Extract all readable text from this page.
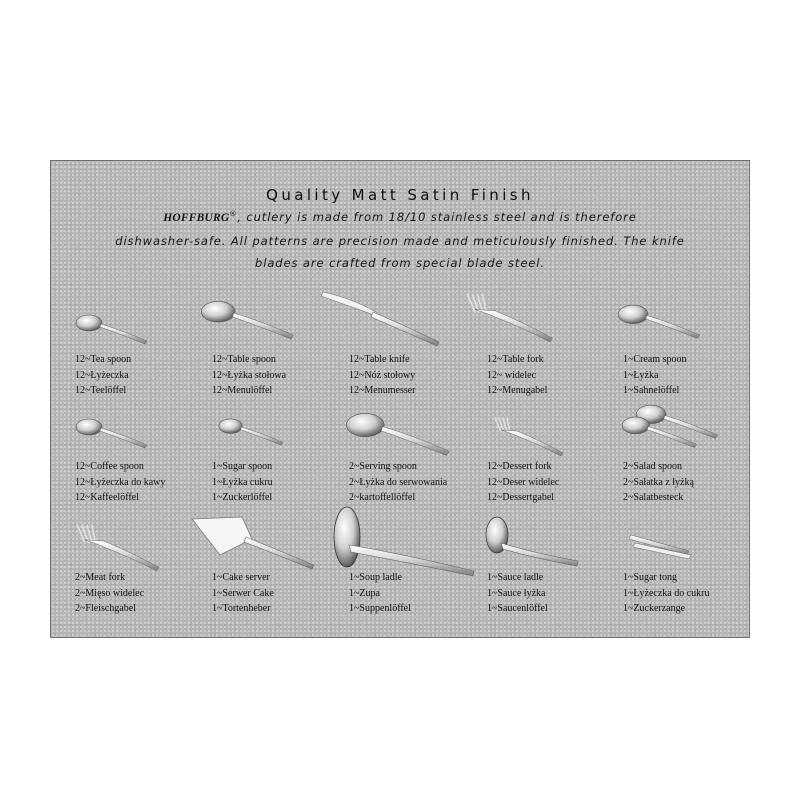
Quality Matt Satin Finish
HOFFBURG®, cutlery is made from 18/10 stainless steel and is therefore
dishwasher-safe. All patterns are precision made and meticulously finished. The knife
blades are crafted from special blade steel.
12~Tea spoon
12~Łyżeczka
12~Teelöffel
12~Table spoon
12~Łyżka stołowa
12~Menulöffel
12~Table knife
12~Nóż stołowy
12~Menumesser
12~Table fork
12~ widelec
12~Menugabel
1~Cream spoon
1~Łyżka
1~Sahnelöffel
12~Coffee spoon
12~Łyżeczka do kawy
12~Kaffeelöffel
1~Sugar spoon
1~Łyżka cukru
1~Zuckerlöffel
2~Serving spoon
2~Łyżka do serwowania
2~kartoffellöffel
12~Dessert fork
12~Deser widelec
12~Dessertgabel
2~Salad spoon
2~Sałatka z łyżką
2~Salatbesteck
2~Meat fork
2~Mięso widelec
2~Fleischgabel
1~Cake server
1~Serwer Cake
1~Tortenheber
1~Soup ladle
1~Zupa
1~Suppenlöffel
1~Sauce ladle
1~Sauce łyżka
1~Saucenlöffel
1~Sugar tong
1~Łyżeczka do cukru
1~Zuckerzange
